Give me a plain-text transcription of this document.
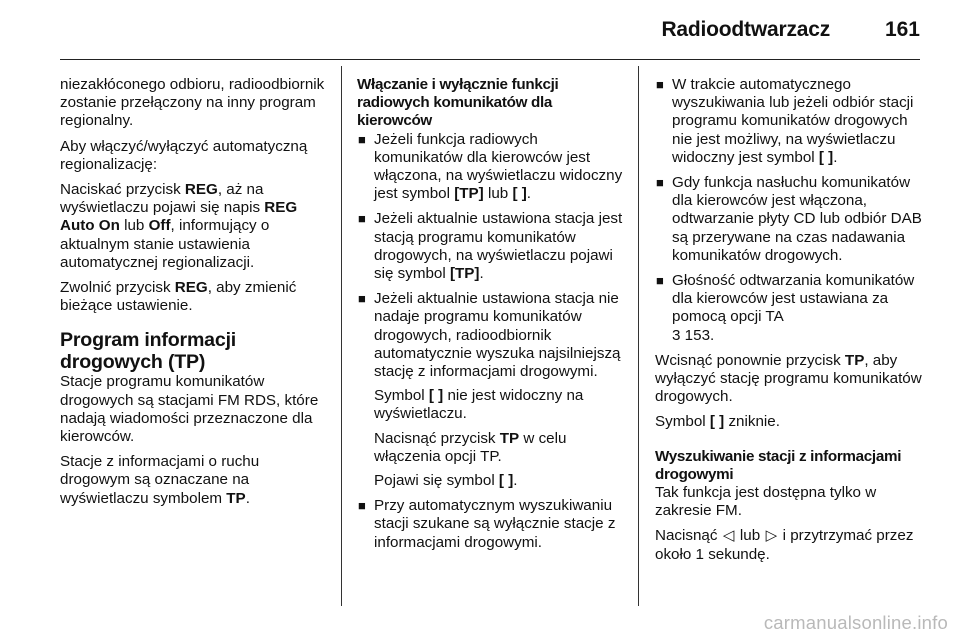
Radioodtwarzacz	161

niezakłóconego odbioru, radioodbiornik zostanie przełączony na inny program regionalny.

Aby włączyć/wyłączyć automatyczną regionalizację:

Naciskać przycisk REG, aż na wyświetlaczu pojawi się napis REG Auto On lub Off, informujący o aktualnym stanie ustawienia automatycznej regionalizacji.

Zwolnić przycisk REG, aby zmienić bieżące ustawienie.

Program informacji drogowych (TP)

Stacje programu komunikatów drogowych są stacjami FM RDS, które nadają wiadomości przeznaczone dla kierowców.

Stacje z informacjami o ruchu drogowym są oznaczane na wyświetlaczu symbolem TP.

Włączanie i wyłącznie funkcji radiowych komunikatów dla kierowców
■ Jeżeli funkcja radiowych komunikatów dla kierowców jest włączona, na wyświetlaczu widoczny jest symbol [TP] lub [ ].
■ Jeżeli aktualnie ustawiona stacja jest stacją programu komunikatów drogowych, na wyświetlaczu pojawi się symbol [TP].
■ Jeżeli aktualnie ustawiona stacja nie nadaje programu komunikatów drogowych, radioodbiornik automatycznie wyszuka najsilniejszą stację z informacjami drogowymi.

Symbol [ ] nie jest widoczny na wyświetlaczu.

Nacisnąć przycisk TP w celu włączenia opcji TP.

Pojawi się symbol [ ].

■ Przy automatycznym wyszukiwaniu stacji szukane są wyłącznie stacje z informacjami drogowymi.
■ W trakcie automatycznego wyszukiwania lub jeżeli odbiór stacji programu komunikatów drogowych nie jest możliwy, na wyświetlaczu widoczny jest symbol [ ].
■ Gdy funkcja nasłuchu komunikatów dla kierowców jest włączona, odtwarzanie płyty CD lub odbiór DAB są przerywane na czas nadawania komunikatów drogowych.
■ Głośność odtwarzania komunikatów dla kierowców jest ustawiana za pomocą opcji TA
3 153.

Wcisnąć ponownie przycisk TP, aby wyłączyć stację programu komunikatów drogowych.

Symbol [ ] zniknie.

Wyszukiwanie stacji z informacjami drogowymi

Tak funkcja jest dostępna tylko w zakresie FM.

Nacisnąć ◁ lub ▷ i przytrzymać przez około 1 sekundę.

carmanualsonline.info
